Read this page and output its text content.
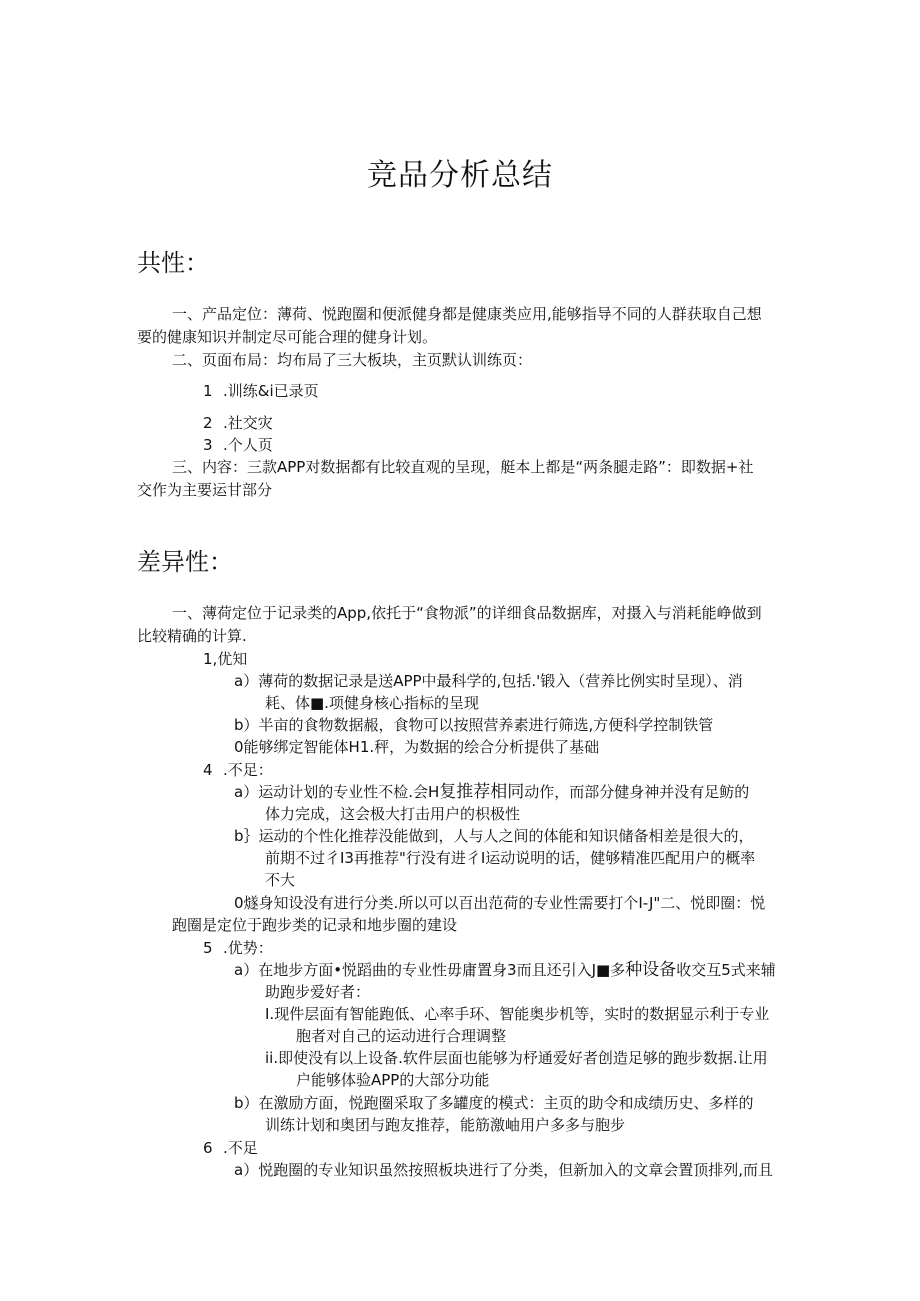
竞品分析总结
共性：

一、产品定位：薄荷、悦跑圈和便派健身都是健康类应用,能够指导不同的人群获取自己想

要的健康知识并制定尽可能合理的健身计划。

二、页面布局：均布局了三大板块，主页默认训练页：

1 .训练&i已录页

2 .社交灾

3 .个人页

三、内容：三款APP对数据都有比较直观的呈现，艇本上都是“两条腿走路”：即数据+社

交作为主要运甘部分

差异性：

一、薄荷定位于记录类的App,依托于“食物派”的详细食品数据库，对摄入与消耗能峥做到

比较精确的计算.

1,优知

a）薄荷的数据记录是送APP中最科学的,包括.'锻入（营养比例实时呈现）、消

耗、体■.项健身核心指标的呈现

b）半亩的食物数据赧，食物可以按照营养素进行筛选,方便科学控制铁管

0能够绑定智能体H1.秤，为数据的绘合分析提供了基础

4 .不足：

a）运动计划的专业性不检.会H复推荐相同动作，而部分健身神并没有足鲂的

体力完成，这会极大打击用户的枳极性

b｝运动的个性化推荐没能做到，人与人之间的体能和知识储备相差是很大的，

前期不过彳I3再推荐"行没有进彳I运动说明的话，健够精准匹配用户的概率

不大

0燧身知设没有进行分类.所以可以百出范荷的专业性需要打个I-J"二、悦即圈：悦

跑圈是定位于跑步类的记录和地步圈的建设

5 .优势：

a）在地步方面•悦蹈曲的专业性毋庸置身3而且还引入J■多种设备收交互5式来辅

助跑步爱好者：

I.现件层面有智能跑低、心率手环、智能奥步机等，实时的数据显示利于专业

胞者对自己的运动进行合理调整

ii.即使没有以上设备.软件层面也能够为杼通爱好者创造足够的跑步数据.让用

户能够体验APP的大部分功能

b）在激励方面，悦跑圈采取了多罐度的模式：主页的助令和成绩历史、多样的

训练计划和奥团与跑友推荐，能筋激岫用户多多与胞步

6 .不足

a）悦跑圈的专业知识虽然按照板块进行了分类，但新加入的文章会置顶排列,而且
